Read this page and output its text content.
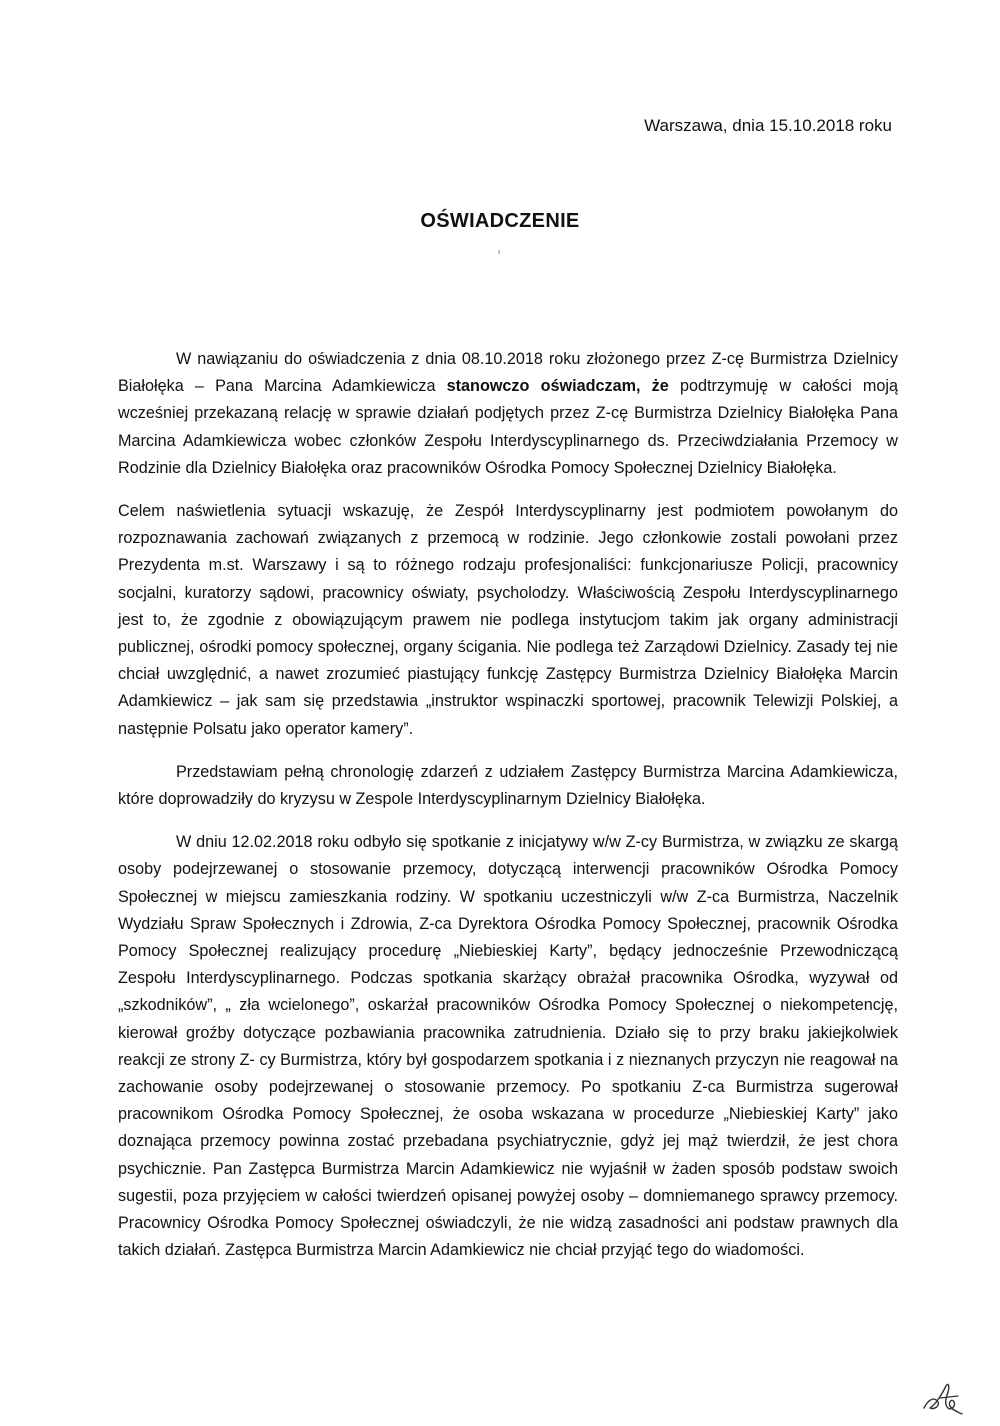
Warszawa, dnia 15.10.2018 roku
OŚWIADCZENIE

W nawiązaniu do oświadczenia z dnia 08.10.2018 roku złożonego przez Z-cę Burmistrza Dzielnicy Białołęka – Pana Marcina Adamkiewicza stanowczo oświadczam, że podtrzymuję w całości moją wcześniej przekazaną relację w sprawie działań podjętych przez Z-cę Burmistrza Dzielnicy Białołęka Pana Marcina Adamkiewicza wobec członków Zespołu Interdyscyplinarnego ds. Przeciwdziałania Przemocy w Rodzinie dla Dzielnicy Białołęka oraz pracowników Ośrodka Pomocy Społecznej Dzielnicy Białołęka.

Celem naświetlenia sytuacji wskazuję, że Zespół Interdyscyplinarny jest podmiotem powołanym do rozpoznawania zachowań związanych z przemocą w rodzinie. Jego członkowie zostali powołani przez Prezydenta m.st. Warszawy i są to różnego rodzaju profesjonaliści: funkcjonariusze Policji, pracownicy socjalni, kuratorzy sądowi, pracownicy oświaty, psycholodzy. Właściwością Zespołu Interdyscyplinarnego jest to, że zgodnie z obowiązującym prawem nie podlega instytucjom takim jak organy administracji publicznej, ośrodki pomocy społecznej, organy ścigania. Nie podlega też Zarządowi Dzielnicy. Zasady tej nie chciał uwzględnić, a nawet zrozumieć piastujący funkcję Zastępcy Burmistrza Dzielnicy Białołęka Marcin Adamkiewicz – jak sam się przedstawia „instruktor wspinaczki sportowej, pracownik Telewizji Polskiej, a następnie Polsatu jako operator kamery”.

Przedstawiam pełną chronologię zdarzeń z udziałem Zastępcy Burmistrza Marcina Adamkiewicza, które doprowadziły do kryzysu w Zespole Interdyscyplinarnym Dzielnicy Białołęka.

W dniu 12.02.2018 roku odbyło się spotkanie z inicjatywy w/w Z-cy Burmistrza, w związku ze skargą osoby podejrzewanej o stosowanie przemocy, dotyczącą interwencji pracowników Ośrodka Pomocy Społecznej w miejscu zamieszkania rodziny. W spotkaniu uczestniczyli w/w Z-ca Burmistrza, Naczelnik Wydziału Spraw Społecznych i Zdrowia, Z-ca Dyrektora Ośrodka Pomocy Społecznej, pracownik Ośrodka Pomocy Społecznej realizujący procedurę „Niebieskiej Karty”, będący jednocześnie Przewodniczącą Zespołu Interdyscyplinarnego. Podczas spotkania skarżący obrażał pracownika Ośrodka, wyzywał od „szkodników”, „ zła wcielonego”, oskarżał pracowników Ośrodka Pomocy Społecznej o niekompetencję, kierował groźby dotyczące pozbawiania pracownika zatrudnienia. Działo się to przy braku jakiejkolwiek reakcji ze strony Z- cy Burmistrza, który był gospodarzem spotkania i z nieznanych przyczyn nie reagował na zachowanie osoby podejrzewanej o stosowanie przemocy. Po spotkaniu Z-ca Burmistrza sugerował pracownikom Ośrodka Pomocy Społecznej, że osoba wskazana w procedurze „Niebieskiej Karty” jako doznająca przemocy powinna zostać przebadana psychiatrycznie, gdyż jej mąż twierdził, że jest chora psychicznie. Pan Zastępca Burmistrza Marcin Adamkiewicz nie wyjaśnił w żaden sposób podstaw swoich sugestii, poza przyjęciem w całości twierdzeń opisanej powyżej osoby – domniemanego sprawcy przemocy. Pracownicy Ośrodka Pomocy Społecznej oświadczyli, że nie widzą zasadności ani podstaw prawnych dla takich działań. Zastępca Burmistrza Marcin Adamkiewicz nie chciał przyjąć tego do wiadomości.
